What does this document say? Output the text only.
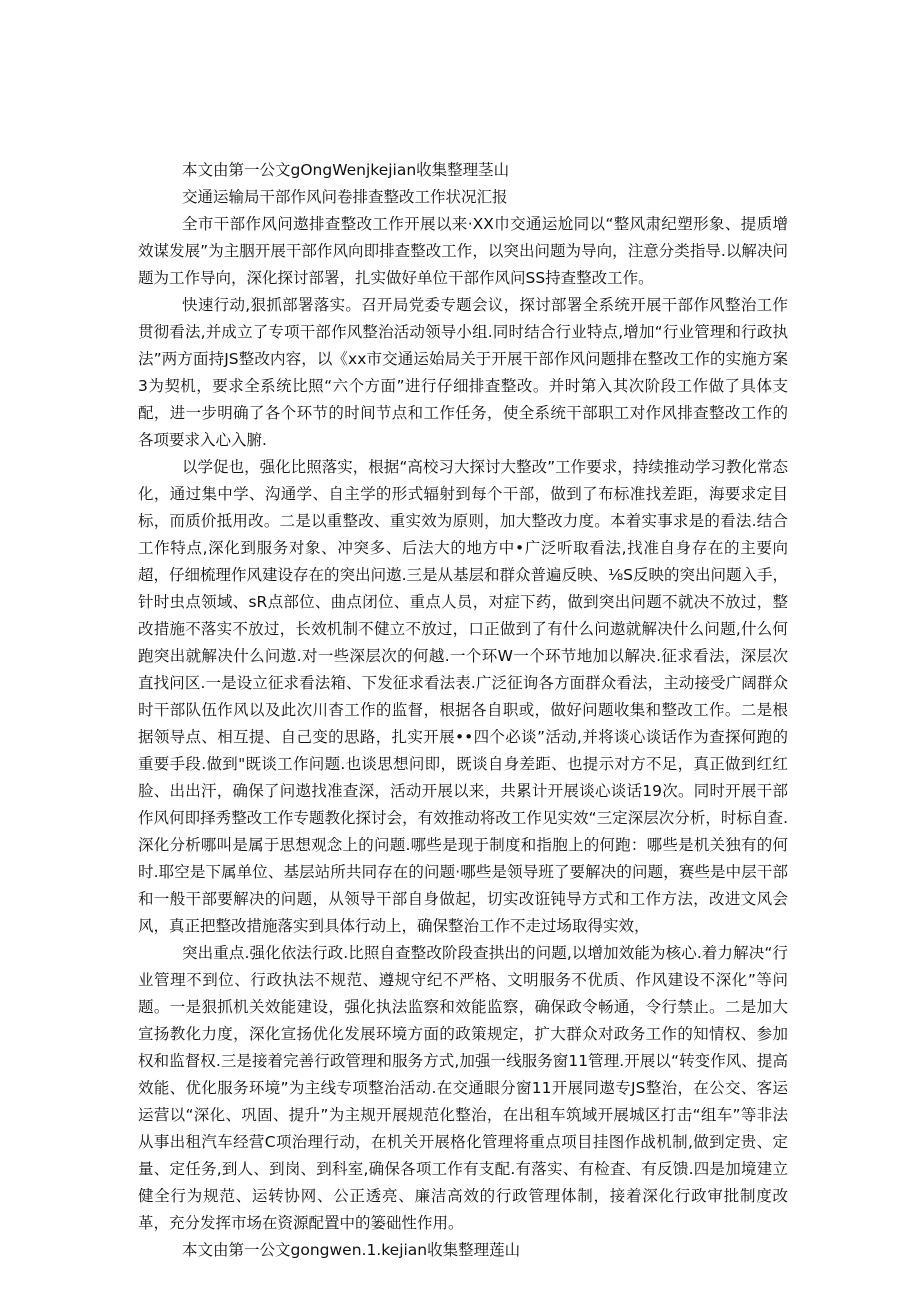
本文由第一公文gOngWenjkejian收集整理茎山

交通运输局干部作风问卷排查整改工作状况汇报

全市干部作风问遨排查整改工作开展以来·XX巾交通运尬同以“整风肃纪塑形象、提质增效谋发展”为主胭开展干部作风向即排查整改工作，以突出问题为导向，注意分类指导.以解决问题为工作导向，深化探讨部署，扎实做好单位干部作风问SS持查整改工作。

快速行动,狠抓部署落实。召开局党委专题会议，探讨部署全系统开展干部作风整治工作贯彻看法,并成立了专项干部作风整治活动领导小组.同时结合行业特点,增加“行业管理和行政执法”两方面持JS整改内容，以《xx市交通运始局关于开展干部作风问题排在整改工作的实施方案3为契机，要求全系统比照“六个方面”进行仔细排査整改。并时第入其次阶段工作做了具体支配，进一步明确了各个环节的时间节点和工作任务，使全系统干部职工对作风排查整改工作的各项要求入心入腑.

以学促也，强化比照落实，根据“高校习大探讨大整改”工作要求，持续推动学习教化常态化，通过集中学、沟通学、自主学的形式辐射到每个干部，做到了布标准找差距，海要求定目标，而质价抵用改。二是以重整改、重实效为原则，加大整改力度。本着实事求是的看法.结合工作特点,深化到服务对象、冲突多、后法大的地方中•广泛听取看法,找准自身存在的主要向超，仔细梳理作风建设存在的突出问遨.三是从基层和群众普遍反映、⅛S反映的突出问题入手，针时虫点领域、sR点部位、曲点闭位、重点人员，对症下药，做到突出问题不就决不放过，整改措施不落实不放过，长效机制不健立不放过，口正做到了有什么问遨就解决什么问题,什么何跑突出就解决什么问遨.对一些深层次的何越.一个环W一个环节地加以解决.征求看法，深层次直找问区.一是设立征求看法箱、下发征求看法表.广泛征询各方面群众看法，主动接受广阔群众时干部队伍作风以及此次川杳工作的监督，根据各自职或，做好问题收集和整改工作。二是根据领导点、相互提、自己变的思路，扎实开展••四个必谈”活动,并将谈心谈话作为查探何跑的重要手段.做到"既谈工作问题.也谈思想问即，既谈自身差距、也提示对方不足，真正做到红红脸、出出汗，确保了问遨找准查深，活动开展以来，共累计开展谈心谈话19次。同时开展干部作风何即择秀整改工作专题教化探讨会，有效推动将改工作见实效“三定深层次分析，时标自查.深化分析哪叫是属于思想观念上的问题.哪些是现于制度和指胞上的何跑：哪些是机关独有的何时.耶空是下属单位、基层站所共同存在的问题·哪些是领导班了要解决的问题，赛些是中层干部和一般干部要解决的问题，从领导干部自身做起，切实改诳钝导方式和工作方法，改进文风会风，真正把整改措施落实到具体行动上，确保整治工作不走过场取得实效，

突出重点.强化依法行政.比照自查整改阶段查拱出的问题,以增加效能为核心.着力解决“行业管理不到位、行政执法不规范、遵规守纪不严格、文明服务不优质、作风建设不深化”等问题。一是狠抓机关效能建设，强化执法监察和效能监察，确保政令畅通，令行禁止。二是加大宣扬教化力度，深化宣扬优化发展环境方面的政策规定，扩大群众对政务工作的知情权、参加权和监督权.三是接着完善行政管理和服务方式,加强一线服务窗11管理.开展以“转变作风、提高效能、优化服务环境”为主线专项整治活动.在交通眼分窗11开展同遨专JS整治，在公交、客运运营以“深化、巩固、提升”为主规开展规范化整治，在出租车筑域开展城区打击“组车”等非法从事出租汽车经营C项治理行动，在机关开展格化管理将重点项目挂图作战机制,做到定贵、定量、定任务,到人、到岗、到科室,确保各项工作有支配.有落实、有检査、有反馈.四是加境建立健全行为规范、运转协网、公正透亮、廉洁高效的行政管理体制，接着深化行政审批制度改革，充分发挥市场在资源配置中的篓础性作用。

本文由第一公文gongwen.1.kejian收集整理莲山
